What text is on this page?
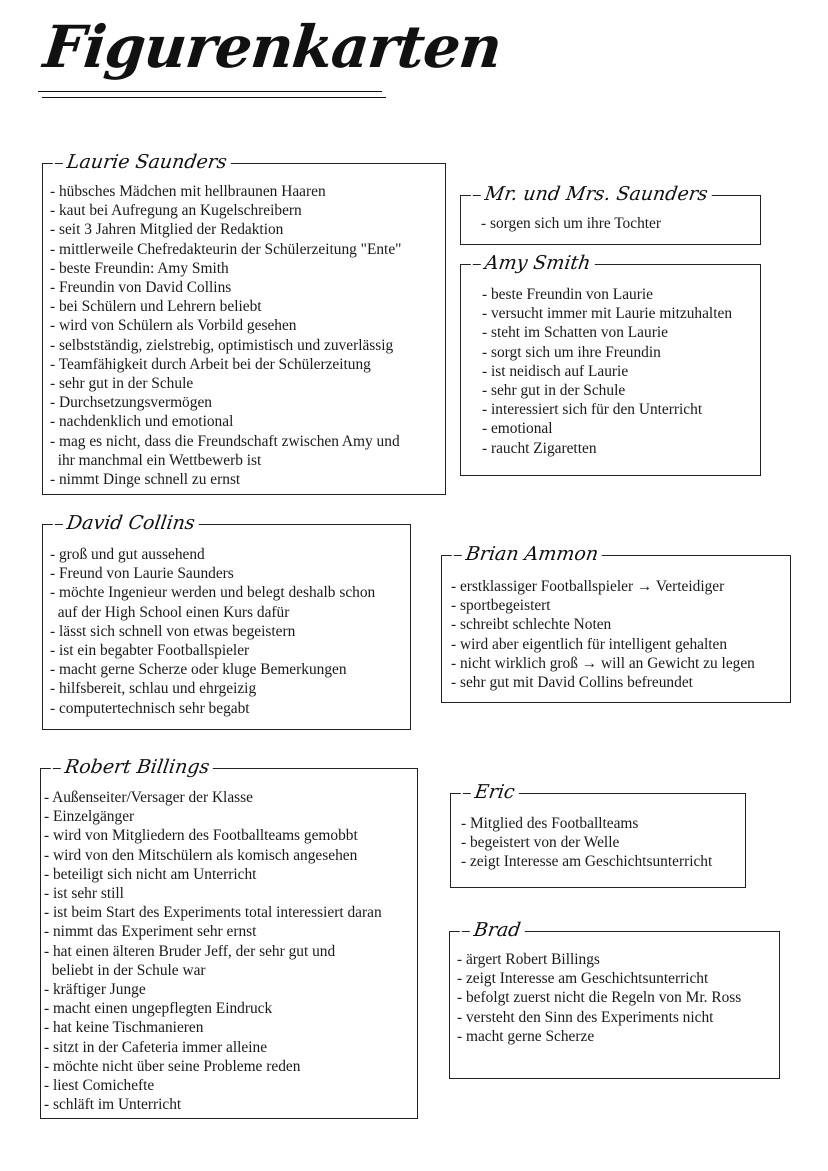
Figurenkarten
Laurie Saunders
- hübsches Mädchen mit hellbraunen Haaren
- kaut bei Aufregung an Kugelschreibern
- seit 3 Jahren Mitglied der Redaktion
- mittlerweile Chefredakteurin der Schülerzeitung "Ente"
- beste Freundin: Amy Smith
- Freundin von David Collins
- bei Schülern und Lehrern beliebt
- wird von Schülern als Vorbild gesehen
- selbstständig, zielstrebig, optimistisch und zuverlässig
- Teamfähigkeit durch Arbeit bei der Schülerzeitung
- sehr gut in der Schule
- Durchsetzungsvermögen
- nachdenklich und emotional
- mag es nicht, dass die Freundschaft zwischen Amy und
ihr manchmal ein Wettbewerb ist
- nimmt Dinge schnell zu ernst
Mr. und Mrs. Saunders
- sorgen sich um ihre Tochter
Amy Smith
- beste Freundin von Laurie
- versucht immer mit Laurie mitzuhalten
- steht im Schatten von Laurie
- sorgt sich um ihre Freundin
- ist neidisch auf Laurie
- sehr gut in der Schule
- interessiert sich für den Unterricht
- emotional
- raucht Zigaretten
David Collins
- groß und gut aussehend
- Freund von Laurie Saunders
- möchte Ingenieur werden und belegt deshalb schon
auf der High School einen Kurs dafür
- lässt sich schnell von etwas begeistern
- ist ein begabter Footballspieler
- macht gerne Scherze oder kluge Bemerkungen
- hilfsbereit, schlau und ehrgeizig
- computertechnisch sehr begabt
Brian Ammon
- erstklassiger Footballspieler → Verteidiger
- sportbegeistert
- schreibt schlechte Noten
- wird aber eigentlich für intelligent gehalten
- nicht wirklich groß → will an Gewicht zu legen
- sehr gut mit David Collins befreundet
Robert Billings
- Außenseiter/Versager der Klasse
- Einzelgänger
- wird von Mitgliedern des Footballteams gemobbt
- wird von den Mitschülern als komisch angesehen
- beteiligt sich nicht am Unterricht
- ist sehr still
- ist beim Start des Experiments total interessiert daran
- nimmt das Experiment sehr ernst
- hat einen älteren Bruder Jeff, der sehr gut und
beliebt in der Schule war
- kräftiger Junge
- macht einen ungepflegten Eindruck
- hat keine Tischmanieren
- sitzt in der Cafeteria immer alleine
- möchte nicht über seine Probleme reden
- liest Comichefte
- schläft im Unterricht
Eric
- Mitglied des Footballteams
- begeistert von der Welle
- zeigt Interesse am Geschichtsunterricht
Brad
- ärgert Robert Billings
- zeigt Interesse am Geschichtsunterricht
- befolgt zuerst nicht die Regeln von Mr. Ross
- versteht den Sinn des Experiments nicht
- macht gerne Scherze
